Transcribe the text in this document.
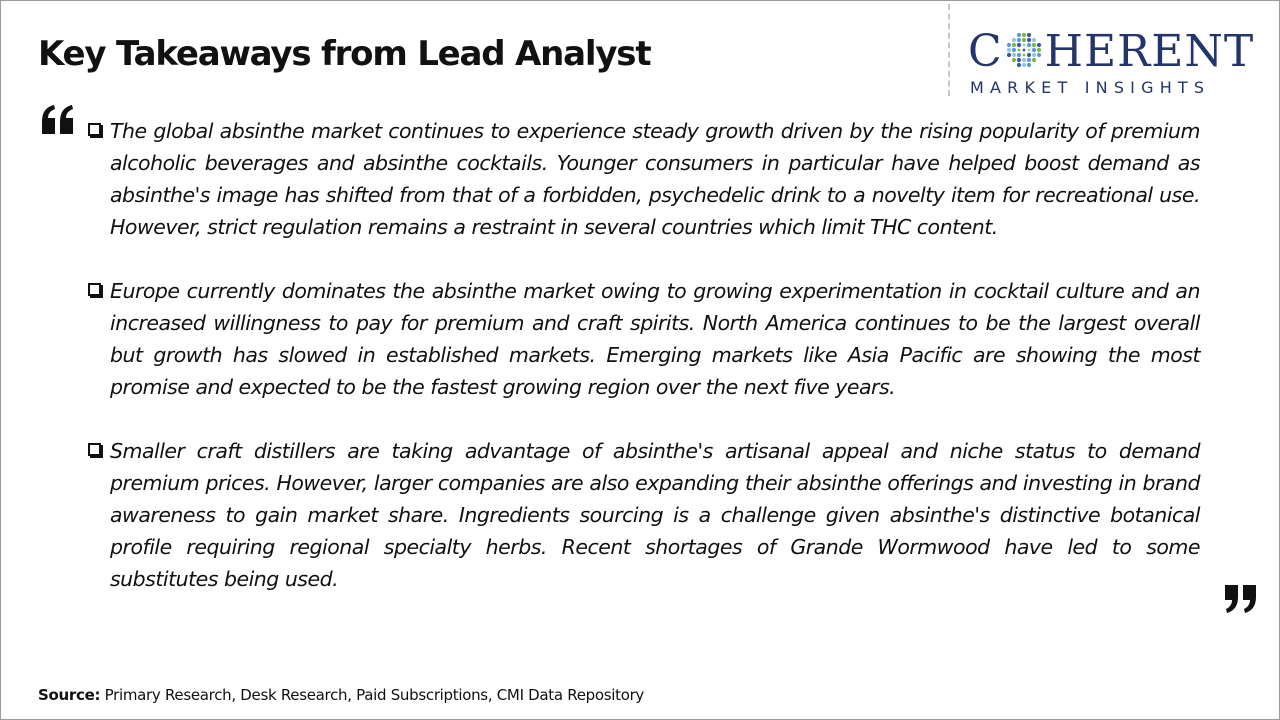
Key Takeaways from Lead Analyst	C HERENT
MARKET INSIGHTS
The global absinthe market continues to experience steady growth driven by the rising popularity of premium alcoholic beverages and absinthe cocktails. Younger consumers in particular have helped boost demand as absinthe's image has shifted from that of a forbidden, psychedelic drink to a novelty item for recreational use. However, strict regulation remains a restraint in several countries which limit THC content.
Europe currently dominates the absinthe market owing to growing experimentation in cocktail culture and an increased willingness to pay for premium and craft spirits. North America continues to be the largest overall but growth has slowed in established markets. Emerging markets like Asia Pacific are showing the most promise and expected to be the fastest growing region over the next five years.
Smaller craft distillers are taking advantage of absinthe's artisanal appeal and niche status to demand premium prices. However, larger companies are also expanding their absinthe offerings and investing in brand awareness to gain market share. Ingredients sourcing is a challenge given absinthe's distinctive botanical profile requiring regional specialty herbs. Recent shortages of Grande Wormwood have led to some substitutes being used.
Source: Primary Research, Desk Research, Paid Subscriptions, CMI Data Repository
